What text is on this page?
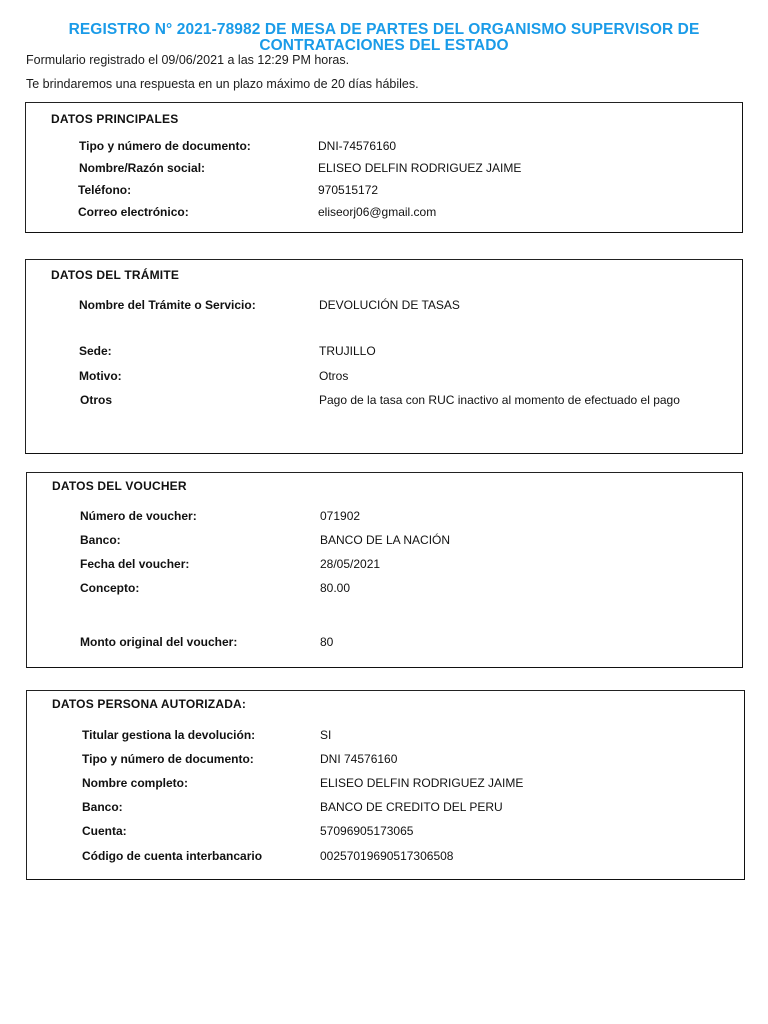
REGISTRO N° 2021-78982 DE MESA DE PARTES DEL ORGANISMO SUPERVISOR DE
CONTRATACIONES DEL ESTADO
Formulario registrado el 09/06/2021 a las 12:29 PM horas.
Te brindaremos una respuesta en un plazo máximo de 20 días hábiles.
DATOS PRINCIPALES
Tipo y número de documento:	DNI-74576160
Nombre/Razón social:	ELISEO DELFIN RODRIGUEZ JAIME
Teléfono:	970515172
Correo electrónico:	eliseorj06@gmail.com
DATOS DEL TRÁMITE
Nombre del Trámite o Servicio:	DEVOLUCIÓN DE TASAS
Sede:	TRUJILLO
Motivo:	Otros
Otros	Pago de la tasa con RUC inactivo al momento de efectuado el pago
DATOS DEL VOUCHER
Número de voucher:	071902
Banco:	BANCO DE LA NACIÓN
Fecha del voucher:	28/05/2021
Concepto:	80.00
Monto original del voucher:	80
DATOS PERSONA AUTORIZADA:
Titular gestiona la devolución:	SI
Tipo y número de documento:	DNI 74576160
Nombre completo:	ELISEO DELFIN RODRIGUEZ JAIME
Banco:	BANCO DE CREDITO DEL PERU
Cuenta:	57096905173065
Código de cuenta interbancario	00257019690517306508
